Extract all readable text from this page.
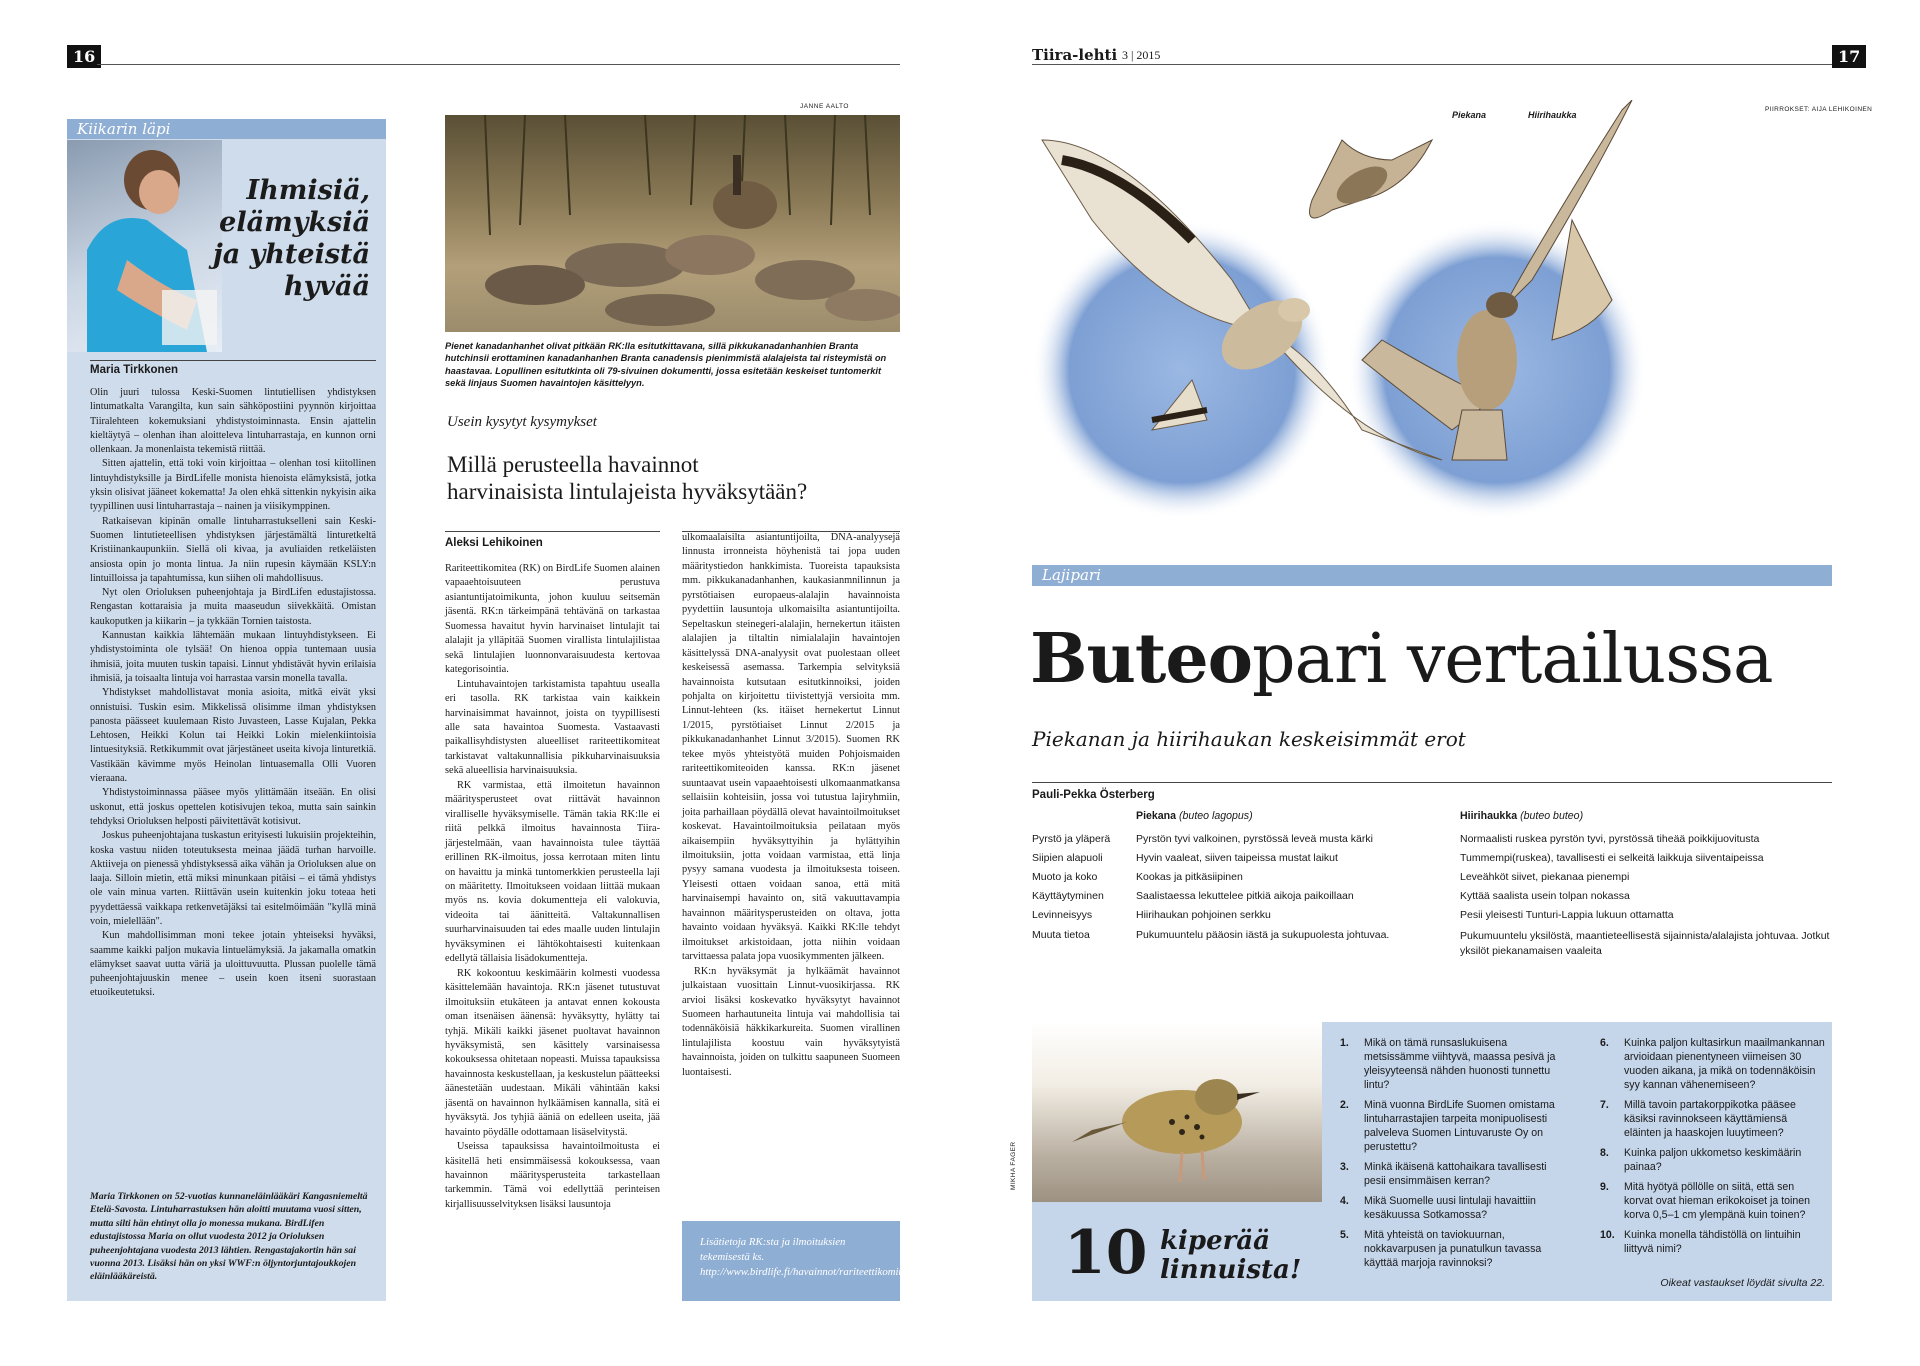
16
Kiikarin läpi
Ihmisiä,
elämyksiä
ja yhteistä
hyvää
Maria Tirkkonen

Olin juuri tulossa Keski-Suomen lintutiellisen yhdistyksen lintumatkalta Varangilta, kun sain sähköpostiini pyynnön kirjoittaa Tiiralehteen kokemuksiani yhdistystoiminnasta. Ensin ajattelin kieltäytyä – olenhan ihan aloitteleva lintuharrastaja, en kunnon orni ollenkaan. Ja monenlaista tekemistä riittää.

Sitten ajattelin, että toki voin kirjoittaa – olenhan tosi kiitollinen lintuyhdistyksille ja BirdLifelle monista hienoista elämyksistä, jotka yksin olisivat jääneet kokematta! Ja olen ehkä sittenkin nykyisin aika tyypillinen uusi lintuharrastaja – nainen ja viisikymppinen.

Ratkaisevan kipinän omalle lintuharrastukselleni sain Keski-Suomen lintutieteellisen yhdistyksen järjestämältä linturetkeltä Kristiinankaupunkiin. Siellä oli kivaa, ja avuliaiden retkeläisten ansiosta opin jo monta lintua. Ja niin rupesin käymään KSLY:n lintuilloissa ja tapahtumissa, kun siihen oli mahdollisuus.

Nyt olen Orioluksen puheenjohtaja ja BirdLifen edustajistossa. Rengastan kottaraisia ja muita maaseudun siivekkäitä. Omistan kaukoputken ja kiikarin – ja tykkään Tornien taistosta.

Kannustan kaikkia lähtemään mukaan lintuyhdistykseen. Ei yhdistystoiminta ole tylsää! On hienoa oppia tuntemaan uusia ihmisiä, joita muuten tuskin tapaisi. Linnut yhdistävät hyvin erilaisia ihmisiä, ja toisaalta lintuja voi harrastaa varsin monella tavalla.

Yhdistykset mahdollistavat monia asioita, mitkä eivät yksi onnistuisi. Tuskin esim. Mikkelissä olisimme ilman yhdistyksen panosta päässeet kuulemaan Risto Juvasteen, Lasse Kujalan, Pekka Lehtosen, Heikki Kolun tai Heikki Lokin mielenkiintoisia lintuesityksiä. Retkikummit ovat järjestäneet useita kivoja linturetkiä. Vastikään kävimme myös Heinolan lintuasemalla Olli Vuoren vieraana.

Yhdistystoiminnassa pääsee myös ylittämään itseään. En olisi uskonut, että joskus opettelen kotisivujen tekoa, mutta sain sainkin tehdyksi Orioluksen helposti päivitettävät kotisivut.

Joskus puheenjohtajana tuskastun erityisesti lukuisiin projekteihin, koska vastuu niiden toteutuksesta meinaa jäädä turhan harvoille. Aktiiveja on pienessä yhdistyksessä aika vähän ja Orioluksen alue on laaja. Silloin mietin, että miksi minunkaan pitäisi – ei tämä yhdistys ole vain minua varten. Riittävän usein kuitenkin joku toteaa heti pyydettäessä vaikkapa retkenvetäjäksi tai esitelmöimään "kyllä minä voin, mielellään".

Kun mahdollisimman moni tekee jotain yhteiseksi hyväksi, saamme kaikki paljon mukavia lintuelämyksiä. Ja jakamalla omatkin elämykset saavat uutta väriä ja uloittuvuutta. Plussan puolelle tämä puheenjohtajuuskin menee – usein koen itseni suorastaan etuoikeutetuksi.

Maria Tirkkonen on 52-vuotias kunnaneläinlääkäri Kangasniemeltä Etelä-Savosta. Lintuharrastuksen hän aloitti muutama vuosi sitten, mutta silti hän ehtinyt olla jo monessa mukana. BirdLifen edustajistossa Maria on ollut vuodesta 2012 ja Orioluksen puheenjohtajana vuodesta 2013 lähtien. Rengastajakortin hän sai vuonna 2013. Lisäksi hän on yksi WWF:n öljyntorjuntajoukkojen eläinlääkäreistä.
JANNE AALTO
Pienet kanadanhanhet olivat pitkään RK:lla esitutkittavana, sillä pikkukanadanhanhien Branta hutchinsii erottaminen kanadanhanhen Branta canadensis pienimmistä alalajeista tai risteymistä on haastavaa. Lopullinen esitutkinta oli 79-sivuinen dokumentti, jossa esitetään keskeiset tuntomerkit sekä linjaus Suomen havaintojen käsittelyyn.
Usein kysytyt kysymykset
Millä perusteella havainnot
harvinaisista lintulajeista hyväksytään?
Aleksi Lehikoinen

Rariteettikomitea (RK) on BirdLife Suomen alainen vapaaehtoisuuteen perustuva asiantuntijatoimikunta, johon kuuluu seitsemän jäsentä. RK:n tärkeimpänä tehtävänä on tarkastaa Suomessa havaitut hyvin harvinaiset lintulajit tai alalajit ja ylläpitää Suomen virallista lintulajilistaa sekä lintulajien luonnonvaraisuudesta kertovaa kategorisointia.

Lintuhavaintojen tarkistamista tapahtuu usealla eri tasolla. RK tarkistaa vain kaikkein harvinaisimmat havainnot, joista on tyypillisesti alle sata havaintoa Suomesta. Vastaavasti paikallisyhdistysten alueelliset rariteettikomiteat tarkistavat valtakunnallisia pikkuharvinaisuuksia sekä alueellisia harvinaisuuksia.

RK varmistaa, että ilmoitetun havainnon määritysperusteet ovat riittävät havainnon viralliselle hyväksymiselle. Tämän takia RK:lle ei riitä pelkkä ilmoitus havainnosta Tiira-järjestelmään, vaan havainnoista tulee täyttää erillinen RK-ilmoitus, jossa kerrotaan miten lintu on havaittu ja minkä tuntomerkkien perusteella laji on määritetty. Ilmoitukseen voidaan liittää mukaan myös ns. kovia dokumentteja eli valokuvia, videoita tai äänitteitä. Valtakunnallisen suurharvinaisuuden tai edes maalle uuden lintulajin hyväksyminen ei lähtökohtaisesti kuitenkaan edellytä tällaisia lisädokumentteja.

RK kokoontuu keskimäärin kolmesti vuodessa käsittelemään havaintoja. RK:n jäsenet tutustuvat ilmoituksiin etukäteen ja antavat ennen kokousta oman itsenäisen äänensä: hyväksytty, hylätty tai tyhjä. Mikäli kaikki jäsenet puoltavat havainnon hyväksymistä, sen käsittely varsinaisessa kokouksessa ohitetaan nopeasti. Muissa tapauksissa havainnosta keskustellaan, ja keskustelun päätteeksi äänestetään uudestaan. Mikäli vähintään kaksi jäsentä on havainnon hylkäämisen kannalla, sitä ei hyväksytä. Jos tyhjiä ääniä on edelleen useita, jää havainto pöydälle odottamaan lisäselvitystä.

Useissa tapauksissa havaintoilmoitusta ei käsitellä heti ensimmäisessä kokouksessa, vaan havainnon määritysperusteita tarkastellaan tarkemmin. Tämä voi edellyttää perinteisen kirjallisuusselvityksen lisäksi lausuntoja

ulkomaalaisilta asiantuntijoilta, DNA-analyysejä linnusta irronneista höyhenistä tai jopa uuden määritystiedon hankkimista. Tuoreista tapauksista mm. pikkukanadanhanhen, kaukasianmnilinnun ja pyrstötiaisen europaeus-alalajin havainnoista pyydettiin lausuntoja ulkomaisilta asiantuntijoilta. Sepeltaskun steinegeri-alalajin, hernekertun itäisten alalajien ja tiltaltin nimialalajin havaintojen käsittelyssä DNA-analyysit ovat puolestaan olleet keskeisessä asemassa. Tarkempia selvityksiä havainnoista kutsutaan esitutkinnoiksi, joiden pohjalta on kirjoitettu tiivistettyjä versioita mm. Linnut-lehteen (ks. itäiset hernekertut Linnut 1/2015, pyrstötiaiset Linnut 2/2015 ja pikkukanadanhanhet Linnut 3/2015). Suomen RK tekee myös yhteistyötä muiden Pohjoismaiden rariteettikomiteoiden kanssa. RK:n jäsenet suuntaavat usein vapaaehtoisesti ulkomaanmatkansa sellaisiin kohteisiin, jossa voi tutustua lajiryhmiin, joita parhaillaan pöydällä olevat havaintoilmoitukset koskevat. Havaintoilmoituksia peilataan myös aikaisempiin hyväksyttyihin ja hylättyihin ilmoituksiin, jotta voidaan varmistaa, että linja pysyy samana vuodesta ja ilmoituksesta toiseen. Yleisesti ottaen voidaan sanoa, että mitä harvinaisempi havainto on, sitä vakuuttavampia havainnon määritysperusteiden on oltava, jotta havainto voidaan hyväksyä. Kaikki RK:lle tehdyt ilmoitukset arkistoidaan, jotta niihin voidaan tarvittaessa palata jopa vuosikymmenten jälkeen.

RK:n hyväksymät ja hylkäämät havainnot julkaistaan vuosittain Linnut-vuosikirjassa. RK arvioi lisäksi koskevatko hyväksytyt havainnot Suomeen harhautuneita lintuja vai mahdollisia tai todennäköisiä häkkikarkureita. Suomen virallinen lintulajilista koostuu vain hyväksytyistä havainnoista, joiden on tulkittu saapuneen Suomeen luontaisesti.

Lisätietoja RK:sta ja ilmoituksien tekemisestä ks. http://www.birdlife.fi/havainnot/rariteettikomitea.shtml
Tiira-lehti 3 | 2015	17
PIIRROKSET: AIJA LEHIKOINEN
Piekana	Hiirihaukka
Lajipari
Buteopari vertailussa
Piekanan ja hiirihaukan keskeisimmät erot
Pauli-Pekka Österberg
Piekana (buteo lagopus)	Hiirihaukka (buteo buteo)
Pyrstö ja yläperä	Pyrstön tyvi valkoinen, pyrstössä leveä musta kärki	Normaalisti ruskea pyrstön tyvi, pyrstössä tiheää poikkijuovitusta
Siipien alapuoli	Hyvin vaaleat, siiven taipeissa mustat laikut	Tummempi(ruskea), tavallisesti ei selkeitä laikkuja siiventaipeissa
Muoto ja koko	Kookas ja pitkäsiipinen	Leveähköt siivet, piekanaa pienempi
Käyttäytyminen	Saalistaessa lekuttelee pitkiä aikoja paikoillaan	Kyttää saalista usein tolpan nokassa
Levinneisyys	Hiirihaukan pohjoinen serkku	Pesii yleisesti Tunturi-Lappia lukuun ottamatta
Muuta tietoa	Pukumuuntelu pääosin iästä ja sukupuolesta johtuvaa.	Pukumuuntelu yksilöstä, maantieteellisestä sijainnista/alalajista johtuvaa. Jotkut yksilöt piekanamaisen vaaleita
MIKHA FAGER
10 kiperää
linnuista!
1.	Mikä on tämä runsaslukuisena metsissämme viihtyvä, maassa pesivä ja yleisyyteensä nähden huonosti tunnettu lintu?
2.	Minä vuonna BirdLife Suomen omistama lintuharrastajien tarpeita monipuolisesti palveleva Suomen Lintuvaruste Oy on perustettu?
3.	Minkä ikäisenä kattohaikara tavallisesti pesii ensimmäisen kerran?
4.	Mikä Suomelle uusi lintulaji havaittiin kesäkuussa Sotkamossa?
5.	Mitä yhteistä on taviokuurnan, nokkavarpusen ja punatulkun tavassa käyttää marjoja ravinnoksi?
6.	Kuinka paljon kultasirkun maailmankannan arvioidaan pienentyneen viimeisen 30 vuoden aikana, ja mikä on todennäköisin syy kannan vähenemiseen?
7.	Millä tavoin partakorppikotka pääsee käsiksi ravinnokseen käyttämiensä eläinten ja haaskojen luuytimeen?
8.	Kuinka paljon ukkometso keskimäärin painaa?
9.	Mitä hyötyä pöllölle on siitä, että sen korvat ovat hieman erikokoiset ja toinen korva 0,5–1 cm ylempänä kuin toinen?
10. Kuinka monella tähdistöllä on lintuihin liittyvä nimi?
Oikeat vastaukset löydät sivulta 22.
